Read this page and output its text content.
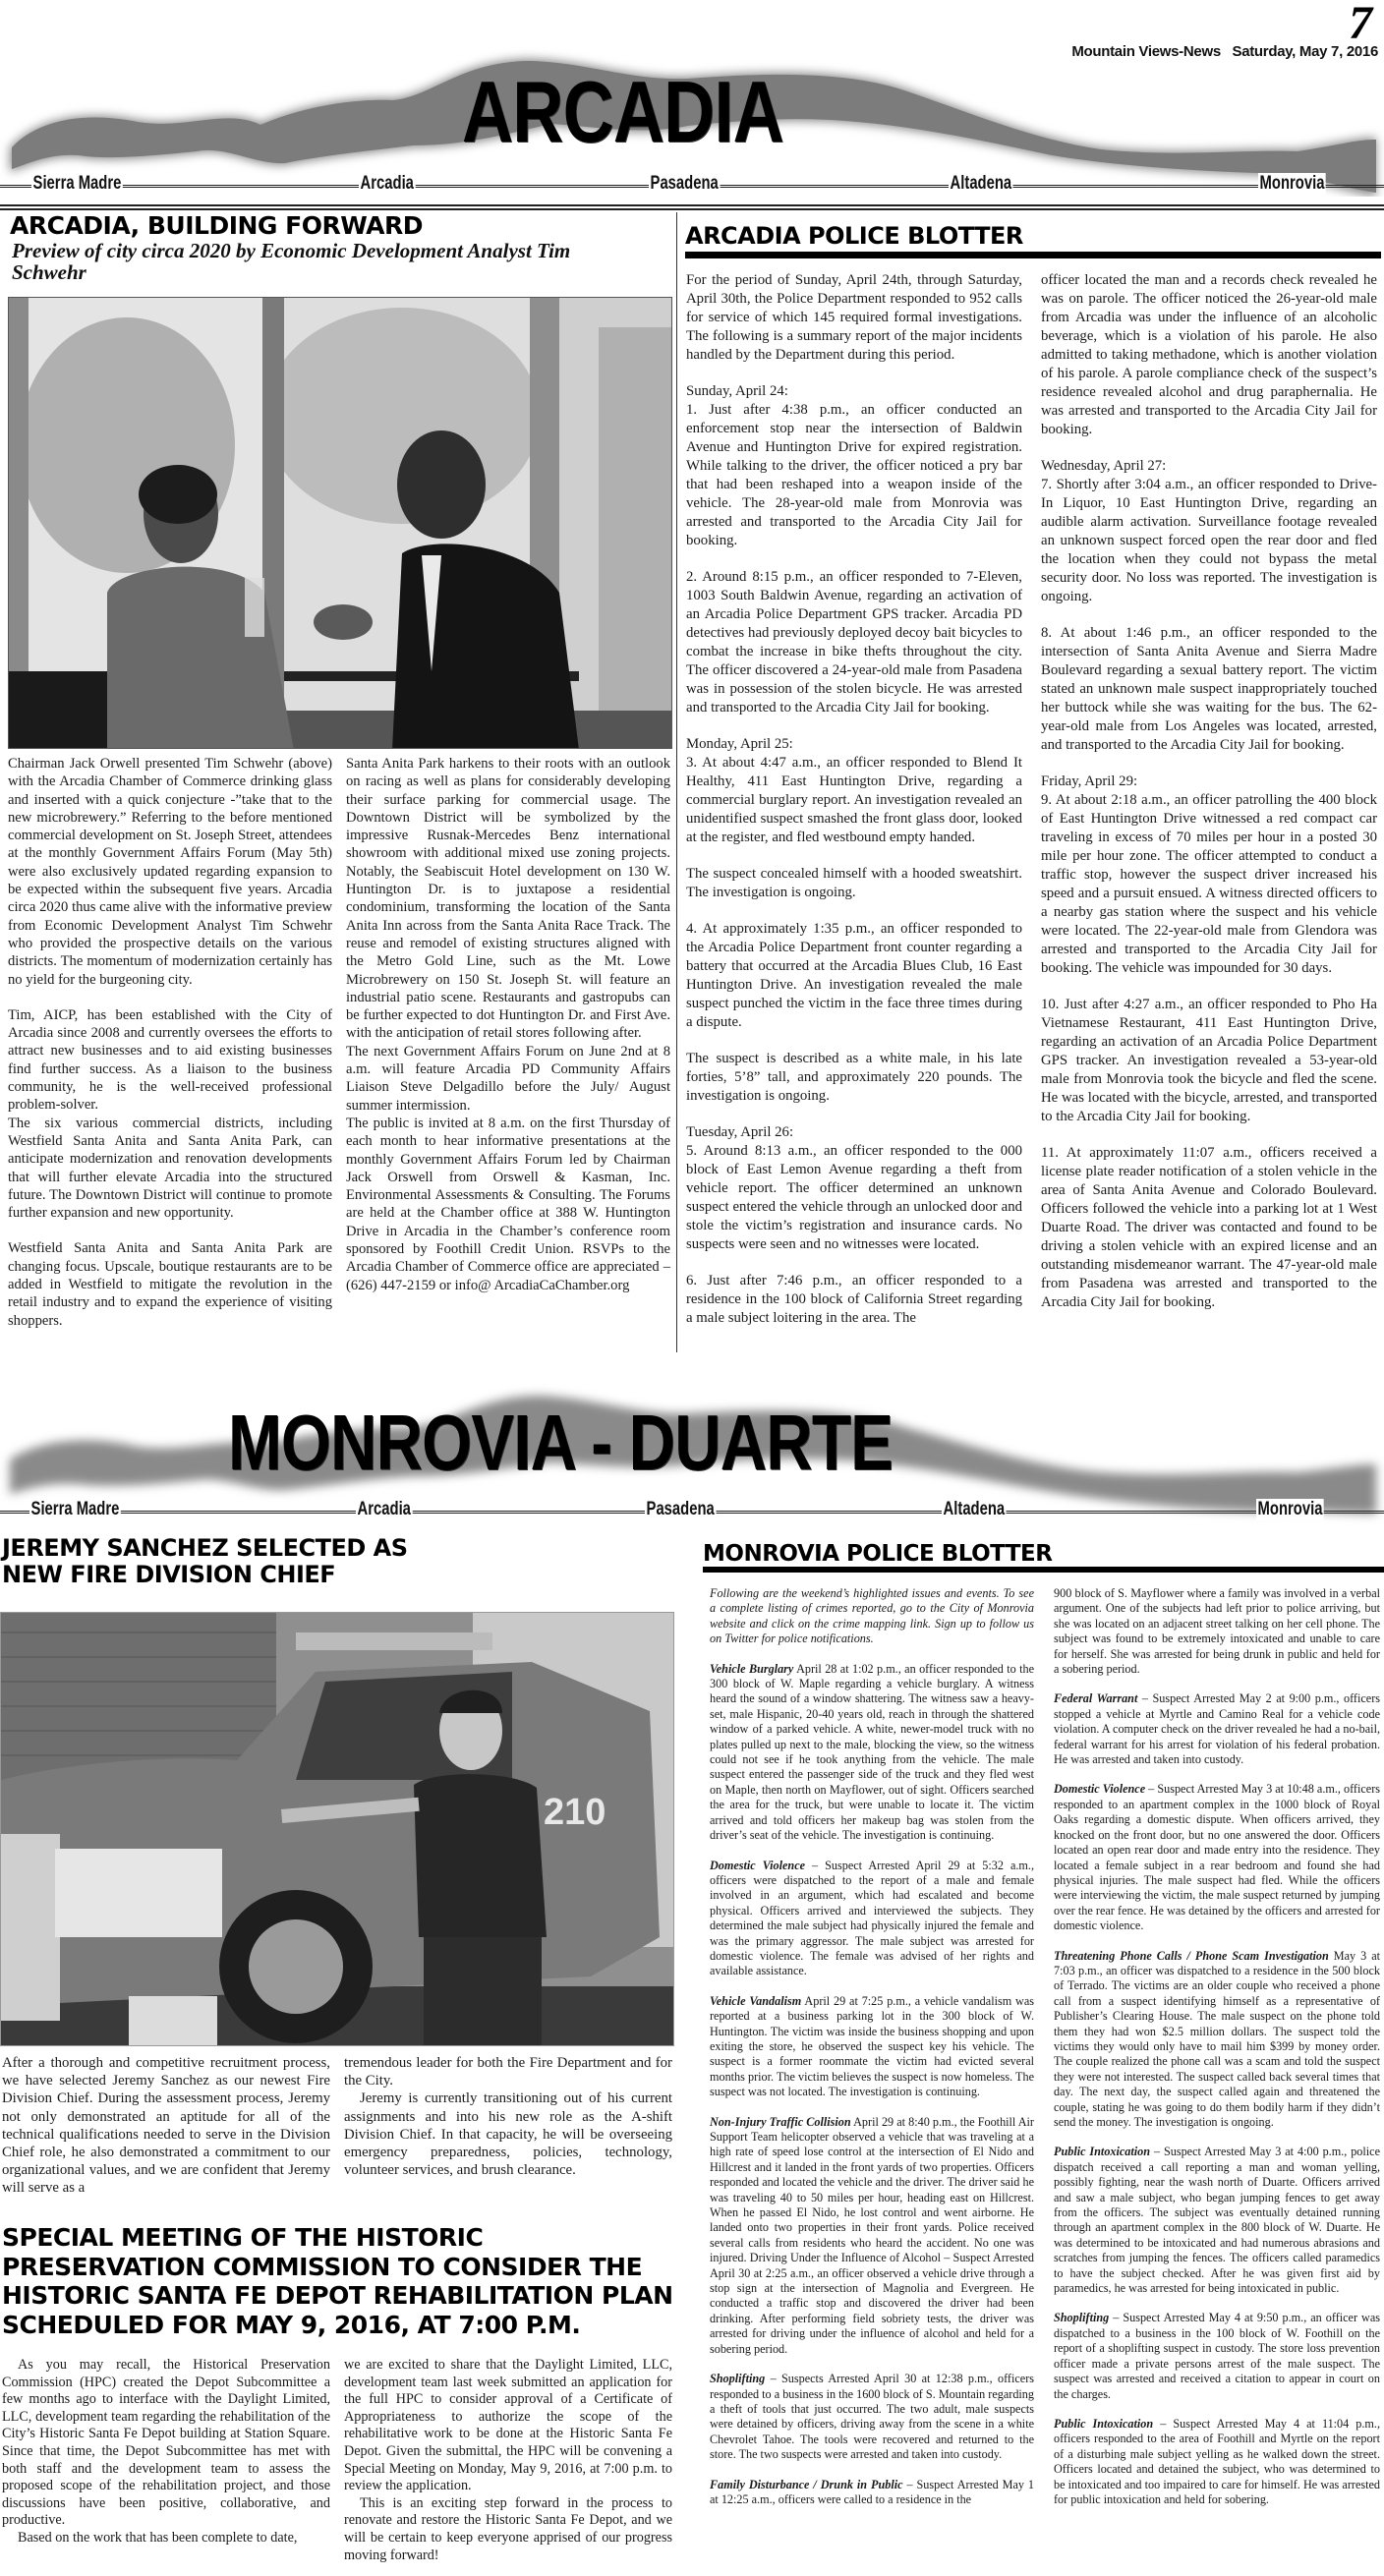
7
Mountain Views-News Saturday, May 7, 2016
ARCADIA
Sierra Madre	Arcadia	Pasadena	Altadena	Monrovia
ARCADIA, BUILDING FORWARD
Preview of city circa 2020 by Economic Development Analyst Tim Schwehr

Chairman Jack Orwell presented Tim Schwehr (above) with the Arcadia Chamber of Commerce drinking glass and inserted with a quick conjecture -”take that to the new microbrewery.” Referring to the before mentioned commercial development on St. Joseph Street, attendees at the monthly Government Affairs Forum (May 5th) were also exclusively updated regarding expansion to be expected within the subsequent five years. Arcadia circa 2020 thus came alive with the informative preview from Economic Development Analyst Tim Schwehr who provided the prospective details on the various districts. The momentum of modernization certainly has no yield for the burgeoning city.

Tim, AICP, has been established with the City of Arcadia since 2008 and currently oversees the efforts to attract new businesses and to aid existing businesses find further success. As a liaison to the business community, he is the well-received professional problem-solver.

The six various commercial districts, including Westfield Santa Anita and Santa Anita Park, can anticipate modernization and renovation developments that will further elevate Arcadia into the structured future. The Downtown District will continue to promote further expansion and new opportunity.

Westfield Santa Anita and Santa Anita Park are changing focus. Upscale, boutique restaurants are to be added in Westfield to mitigate the revolution in the retail industry and to expand the experience of visiting shoppers.

Santa Anita Park harkens to their roots with an outlook on racing as well as plans for considerably developing their surface parking for commercial usage. The Downtown District will be symbolized by the impressive Rusnak-Mercedes Benz international showroom with additional mixed use zoning projects. Notably, the Seabiscuit Hotel development on 130 W. Huntington Dr. is to juxtapose a residential condominium, transforming the location of the Santa Anita Inn across from the Santa Anita Race Track. The reuse and remodel of existing structures aligned with the Metro Gold Line, such as the Mt. Lowe Microbrewery on 150 St. Joseph St. will feature an industrial patio scene. Restaurants and gastropubs can be further expected to dot Huntington Dr. and First Ave. with the anticipation of retail stores following after.

The next Government Affairs Forum on June 2nd at 8 a.m. will feature Arcadia PD Community Affairs Liaison Steve Delgadillo before the July/ August summer intermission.

The public is invited at 8 a.m. on the first Thursday of each month to hear informative presentations at the monthly Government Affairs Forum led by Chairman Jack Orswell from Orswell & Kasman, Inc. Environmental Assessments & Consulting. The Forums are held at the Chamber office at 388 W. Huntington Drive in Arcadia in the Chamber’s conference room sponsored by Foothill Credit Union. RSVPs to the Arcadia Chamber of Commerce office are appreciated – (626) 447-2159 or info@ ArcadiaCaChamber.org

ARCADIA POLICE BLOTTER

For the period of Sunday, April 24th, through Saturday, April 30th, the Police Department responded to 952 calls for service of which 145 required formal investigations. The following is a summary report of the major incidents handled by the Department during this period.

Sunday, April 24:

1. Just after 4:38 p.m., an officer conducted an enforcement stop near the intersection of Baldwin Avenue and Huntington Drive for expired registration. While talking to the driver, the officer noticed a pry bar that had been reshaped into a weapon inside of the vehicle. The 28-year-old male from Monrovia was arrested and transported to the Arcadia City Jail for booking.

2. Around 8:15 p.m., an officer responded to 7-Eleven, 1003 South Baldwin Avenue, regarding an activation of an Arcadia Police Department GPS tracker. Arcadia PD detectives had previously deployed decoy bait bicycles to combat the increase in bike thefts throughout the city. The officer discovered a 24-year-old male from Pasadena was in possession of the stolen bicycle. He was arrested and transported to the Arcadia City Jail for booking.

Monday, April 25:

3. At about 4:47 a.m., an officer responded to Blend It Healthy, 411 East Huntington Drive, regarding a commercial burglary report. An investigation revealed an unidentified suspect smashed the front glass door, looked at the register, and fled westbound empty handed.

The suspect concealed himself with a hooded sweatshirt. The investigation is ongoing.

4. At approximately 1:35 p.m., an officer responded to the Arcadia Police Department front counter regarding a battery that occurred at the Arcadia Blues Club, 16 East Huntington Drive. An investigation revealed the male suspect punched the victim in the face three times during a dispute.

The suspect is described as a white male, in his late forties, 5’8” tall, and approximately 220 pounds. The investigation is ongoing.

Tuesday, April 26:

5. Around 8:13 a.m., an officer responded to the 000 block of East Lemon Avenue regarding a theft from vehicle report. The officer determined an unknown suspect entered the vehicle through an unlocked door and stole the victim’s registration and insurance cards. No suspects were seen and no witnesses were located.

6. Just after 7:46 p.m., an officer responded to a residence in the 100 block of California Street regarding a male subject loitering in the area. The

officer located the man and a records check revealed he was on parole. The officer noticed the 26-year-old male from Arcadia was under the influence of an alcoholic beverage, which is a violation of his parole. He also admitted to taking methadone, which is another violation of his parole. A parole compliance check of the suspect’s residence revealed alcohol and drug paraphernalia. He was arrested and transported to the Arcadia City Jail for booking.

Wednesday, April 27:

7. Shortly after 3:04 a.m., an officer responded to Drive-In Liquor, 10 East Huntington Drive, regarding an audible alarm activation. Surveillance footage revealed an unknown suspect forced open the rear door and fled the location when they could not bypass the metal security door. No loss was reported. The investigation is ongoing.

8. At about 1:46 p.m., an officer responded to the intersection of Santa Anita Avenue and Sierra Madre Boulevard regarding a sexual battery report. The victim stated an unknown male suspect inappropriately touched her buttock while she was waiting for the bus. The 62-year-old male from Los Angeles was located, arrested, and transported to the Arcadia City Jail for booking.

Friday, April 29:

9. At about 2:18 a.m., an officer patrolling the 400 block of East Huntington Drive witnessed a red compact car traveling in excess of 70 miles per hour in a posted 30 mile per hour zone. The officer attempted to conduct a traffic stop, however the suspect driver increased his speed and a pursuit ensued. A witness directed officers to a nearby gas station where the suspect and his vehicle were located. The 22-year-old male from Glendora was arrested and transported to the Arcadia City Jail for booking. The vehicle was impounded for 30 days.

10. Just after 4:27 a.m., an officer responded to Pho Ha Vietnamese Restaurant, 411 East Huntington Drive, regarding an activation of an Arcadia Police Department GPS tracker. An investigation revealed a 53-year-old male from Monrovia took the bicycle and fled the scene. He was located with the bicycle, arrested, and transported to the Arcadia City Jail for booking.

11. At approximately 11:07 a.m., officers received a license plate reader notification of a stolen vehicle in the area of Santa Anita Avenue and Colorado Boulevard. Officers followed the vehicle into a parking lot at 1 West Duarte Road. The driver was contacted and found to be driving a stolen vehicle with an expired license and an outstanding misdemeanor warrant. The 47-year-old male from Pasadena was arrested and transported to the Arcadia City Jail for booking.

MONROVIA - DUARTE
Sierra Madre	Arcadia	Pasadena	Altadena	Monrovia
JEREMY SANCHEZ SELECTED AS
NEW FIRE DIVISION CHIEF
210

After a thorough and competitive recruitment process, we have selected Jeremy Sanchez as our newest Fire Division Chief. During the assessment process, Jeremy not only demonstrated an aptitude for all of the technical qualifications needed to serve in the Division Chief role, he also demonstrated a commitment to our organizational values, and we are confident that Jeremy will serve as a

tremendous leader for both the Fire Department and for the City.

Jeremy is currently transitioning out of his current assignments and into his new role as the A-shift Division Chief. In that capacity, he will be overseeing emergency preparedness, policies, technology, volunteer services, and brush clearance.

SPECIAL MEETING OF THE HISTORIC PRESERVATION COMMISSION TO CONSIDER THE HISTORIC SANTA FE DEPOT REHABILITATION PLAN SCHEDULED FOR MAY 9, 2016, AT 7:00 P.M.

As you may recall, the Historical Preservation Commission (HPC) created the Depot Subcommittee a few months ago to interface with the Daylight Limited, LLC, development team regarding the rehabilitation of the City’s Historic Santa Fe Depot building at Station Square. Since that time, the Depot Subcommittee has met with both staff and the development team to assess the proposed scope of the rehabilitation project, and those discussions have been positive, collaborative, and productive.

Based on the work that has been complete to date,

we are excited to share that the Daylight Limited, LLC, development team last week submitted an application for the full HPC to consider approval of a Certificate of Appropriateness to authorize the scope of the rehabilitative work to be done at the Historic Santa Fe Depot. Given the submittal, the HPC will be convening a Special Meeting on Monday, May 9, 2016, at 7:00 p.m. to review the application.

This is an exciting step forward in the process to renovate and restore the Historic Santa Fe Depot, and we will be certain to keep everyone apprised of our progress moving forward!

MONROVIA POLICE BLOTTER

Following are the weekend’s highlighted issues and events. To see a complete listing of crimes reported, go to the City of Monrovia website and click on the crime mapping link. Sign up to follow us on Twitter for police notifications.

Vehicle Burglary April 28 at 1:02 p.m., an officer responded to the 300 block of W. Maple regarding a vehicle burglary. A witness heard the sound of a window shattering. The witness saw a heavy-set, male Hispanic, 20-40 years old, reach in through the shattered window of a parked vehicle. A white, newer-model truck with no plates pulled up next to the male, blocking the view, so the witness could not see if he took anything from the vehicle. The male suspect entered the passenger side of the truck and they fled west on Maple, then north on Mayflower, out of sight. Officers searched the area for the truck, but were unable to locate it. The victim arrived and told officers her makeup bag was stolen from the driver’s seat of the vehicle. The investigation is continuing.

Domestic Violence – Suspect Arrested April 29 at 5:32 a.m., officers were dispatched to the report of a male and female involved in an argument, which had escalated and become physical. Officers arrived and interviewed the subjects. They determined the male subject had physically injured the female and was the primary aggressor. The male subject was arrested for domestic violence. The female was advised of her rights and available assistance.

Vehicle Vandalism April 29 at 7:25 p.m., a vehicle vandalism was reported at a business parking lot in the 300 block of W. Huntington. The victim was inside the business shopping and upon exiting the store, he observed the suspect key his vehicle. The suspect is a former roommate the victim had evicted several months prior. The victim believes the suspect is now homeless. The suspect was not located. The investigation is continuing.

Non-Injury Traffic Collision April 29 at 8:40 p.m., the Foothill Air Support Team helicopter observed a vehicle that was traveling at a high rate of speed lose control at the intersection of El Nido and Hillcrest and it landed in the front yards of two properties. Officers responded and located the vehicle and the driver. The driver said he was traveling 40 to 50 miles per hour, heading east on Hillcrest. When he passed El Nido, he lost control and went airborne. He landed onto two properties in their front yards. Police received several calls from residents who heard the accident. No one was injured. Driving Under the Influence of Alcohol – Suspect Arrested April 30 at 2:25 a.m., an officer observed a vehicle drive through a stop sign at the intersection of Magnolia and Evergreen. He conducted a traffic stop and discovered the driver had been drinking. After performing field sobriety tests, the driver was arrested for driving under the influence of alcohol and held for a sobering period.

Shoplifting – Suspects Arrested April 30 at 12:38 p.m., officers responded to a business in the 1600 block of S. Mountain regarding a theft of tools that just occurred. The two adult, male suspects were detained by officers, driving away from the scene in a white Chevrolet Tahoe. The tools were recovered and returned to the store. The two suspects were arrested and taken into custody.

Family Disturbance / Drunk in Public – Suspect Arrested May 1 at 12:25 a.m., officers were called to a residence in the

900 block of S. Mayflower where a family was involved in a verbal argument. One of the subjects had left prior to police arriving, but she was located on an adjacent street talking on her cell phone. The subject was found to be extremely intoxicated and unable to care for herself. She was arrested for being drunk in public and held for a sobering period.

Federal Warrant – Suspect Arrested May 2 at 9:00 p.m., officers stopped a vehicle at Myrtle and Camino Real for a vehicle code violation. A computer check on the driver revealed he had a no-bail, federal warrant for his arrest for violation of his federal probation. He was arrested and taken into custody.

Domestic Violence – Suspect Arrested May 3 at 10:48 a.m., officers responded to an apartment complex in the 1000 block of Royal Oaks regarding a domestic dispute. When officers arrived, they knocked on the front door, but no one answered the door. Officers located an open rear door and made entry into the residence. They located a female subject in a rear bedroom and found she had physical injuries. The male suspect had fled. While the officers were interviewing the victim, the male suspect returned by jumping over the rear fence. He was detained by the officers and arrested for domestic violence.

Threatening Phone Calls / Phone Scam Investigation May 3 at 7:03 p.m., an officer was dispatched to a residence in the 500 block of Terrado. The victims are an older couple who received a phone call from a suspect identifying himself as a representative of Publisher’s Clearing House. The male suspect on the phone told them they had won $2.5 million dollars. The suspect told the victims they would only have to mail him $399 by money order. The couple realized the phone call was a scam and told the suspect they were not interested. The suspect called back several times that day. The next day, the suspect called again and threatened the couple, stating he was going to do them bodily harm if they didn’t send the money. The investigation is ongoing.

Public Intoxication – Suspect Arrested May 3 at 4:00 p.m., police dispatch received a call reporting a man and woman yelling, possibly fighting, near the wash north of Duarte. Officers arrived and saw a male subject, who began jumping fences to get away from the officers. The subject was eventually detained running through an apartment complex in the 800 block of W. Duarte. He was determined to be intoxicated and had numerous abrasions and scratches from jumping the fences. The officers called paramedics to have the subject checked. After he was given first aid by paramedics, he was arrested for being intoxicated in public.

Shoplifting – Suspect Arrested May 4 at 9:50 p.m., an officer was dispatched to a business in the 100 block of W. Foothill on the report of a shoplifting suspect in custody. The store loss prevention officer made a private persons arrest of the male suspect. The suspect was arrested and received a citation to appear in court on the charges.

Public Intoxication – Suspect Arrested May 4 at 11:04 p.m., officers responded to the area of Foothill and Myrtle on the report of a disturbing male subject yelling as he walked down the street. Officers located and detained the subject, who was determined to be intoxicated and too impaired to care for himself. He was arrested for public intoxication and held for sobering.
